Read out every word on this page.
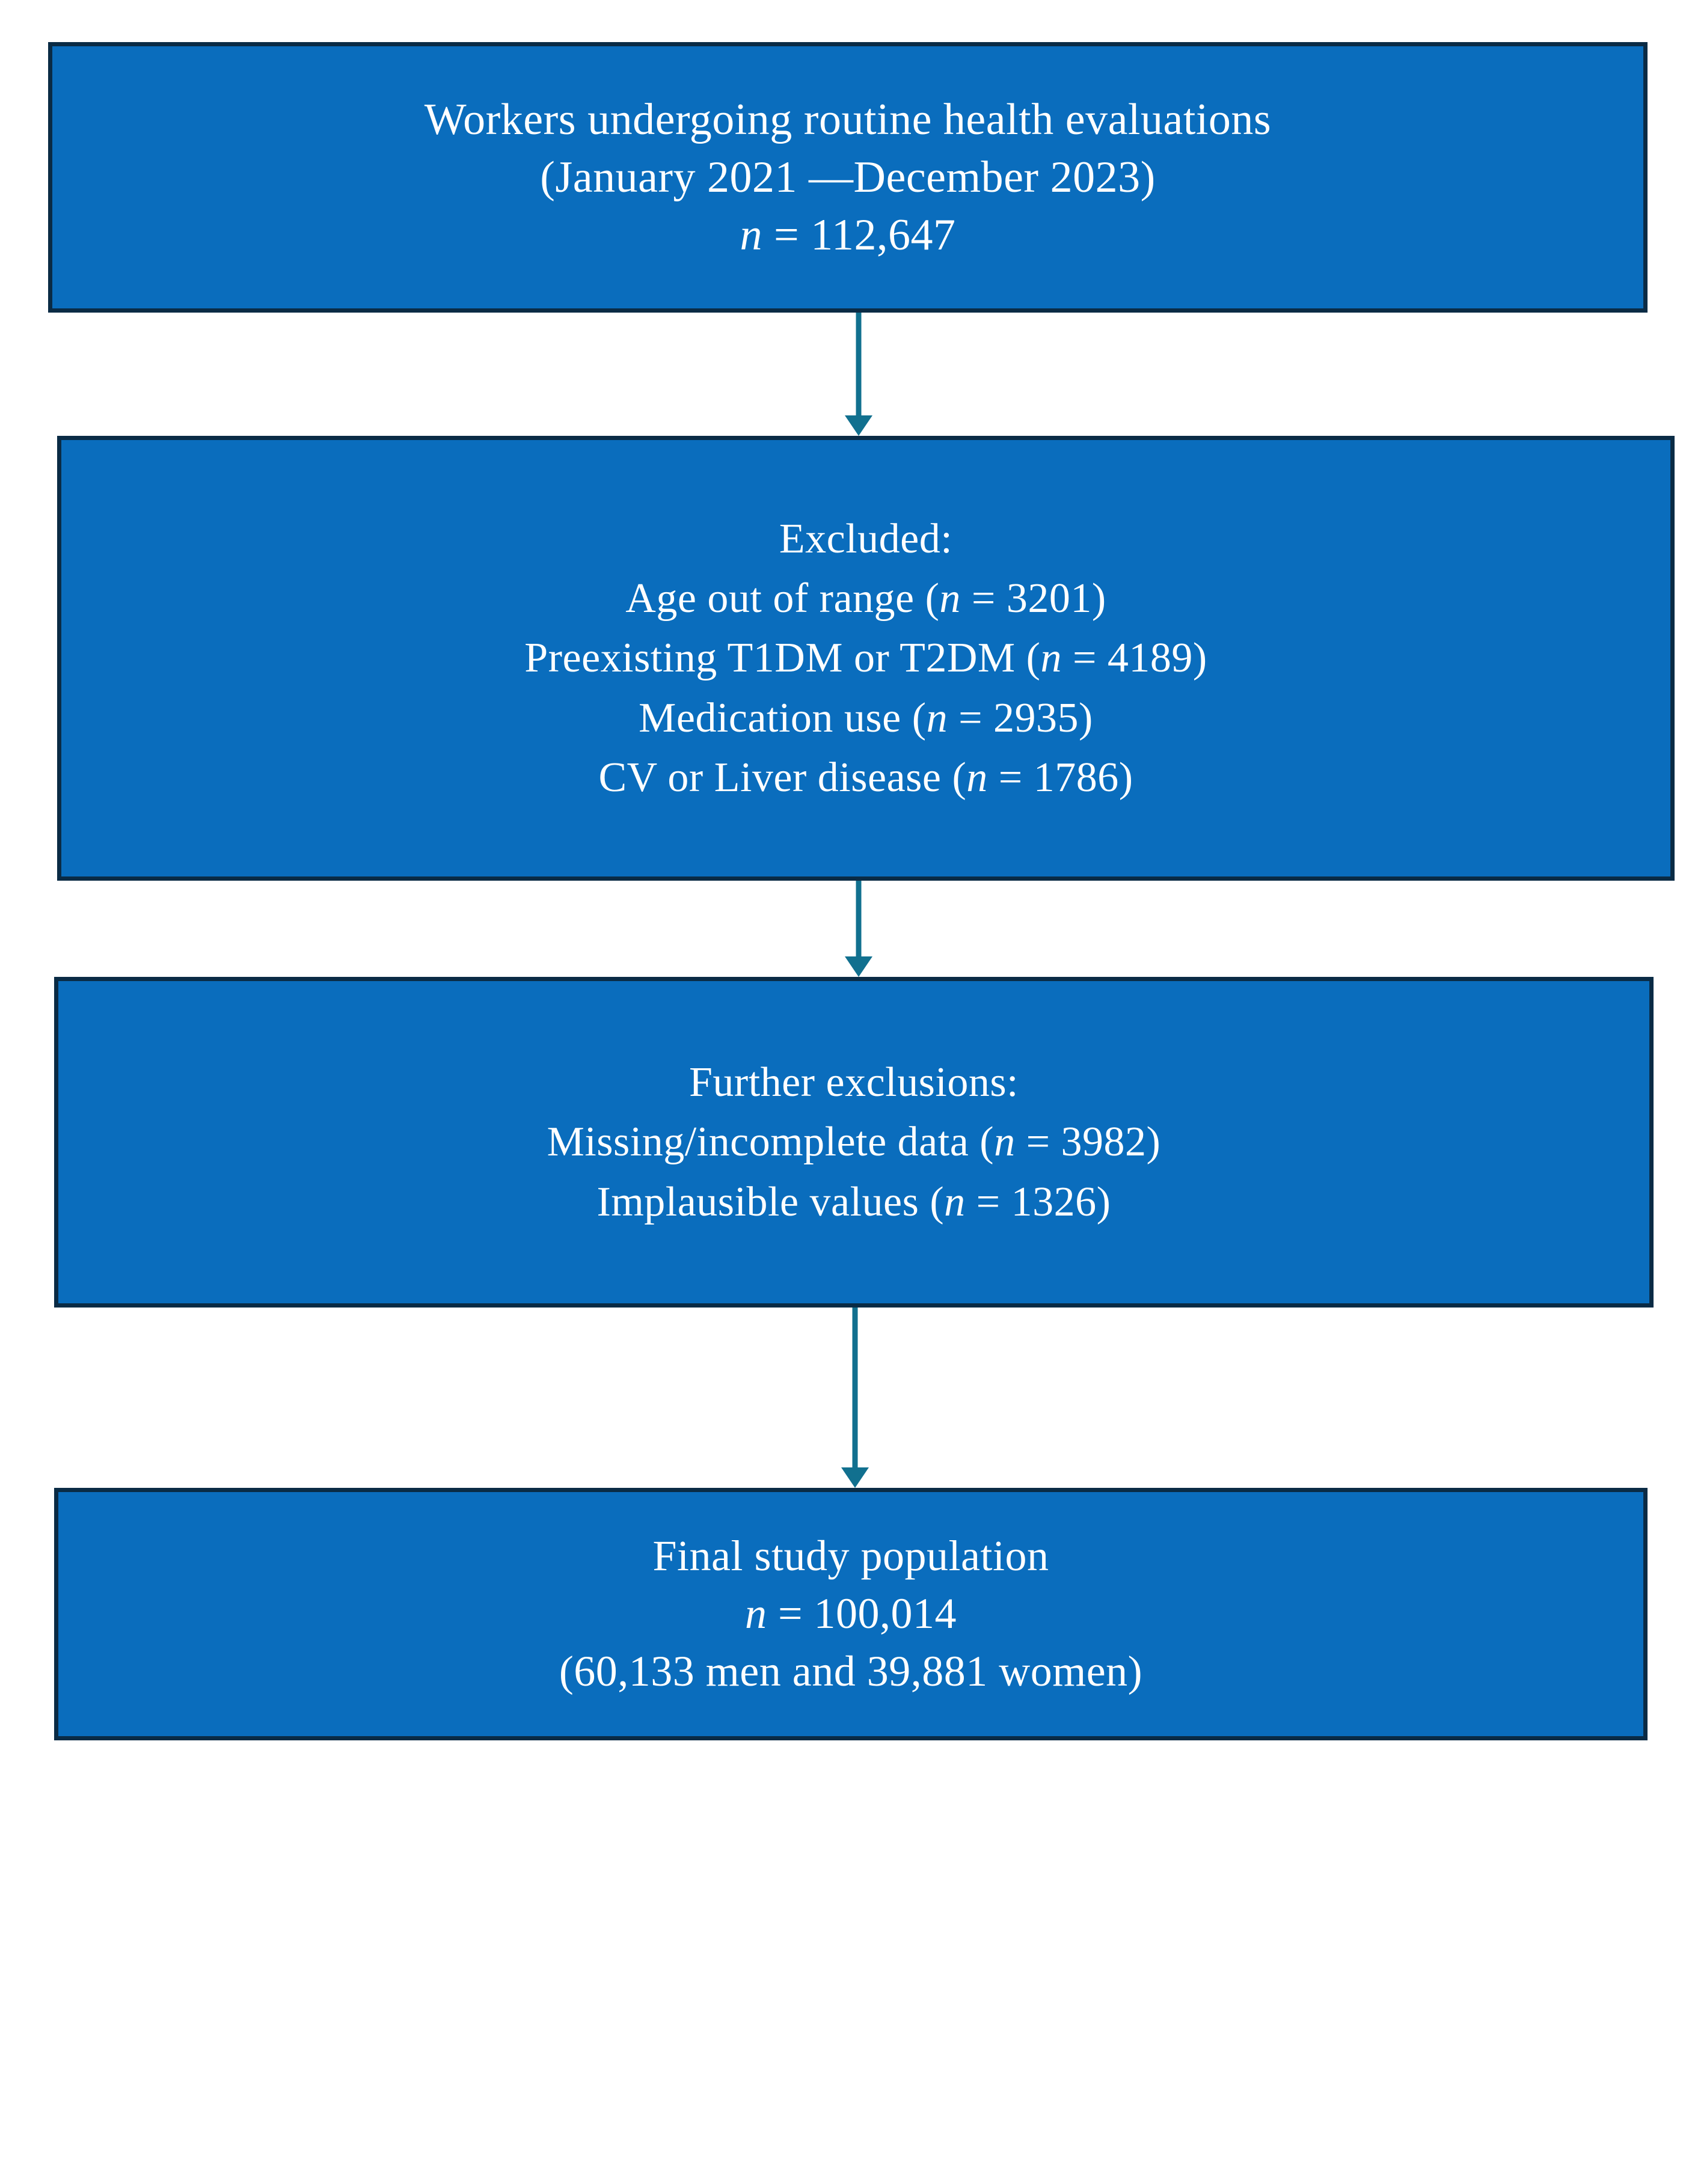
Workers undergoing routine health evaluations
(January 2021 —December 2023)
n = 112,647
Excluded:
Age out of range (n = 3201)
Preexisting T1DM or T2DM (n = 4189)
Medication use (n = 2935)
CV or Liver disease (n = 1786)
Further exclusions:
Missing/incomplete data (n = 3982)
Implausible values (n = 1326)
Final study population
n = 100,014
(60,133 men and 39,881 women)
